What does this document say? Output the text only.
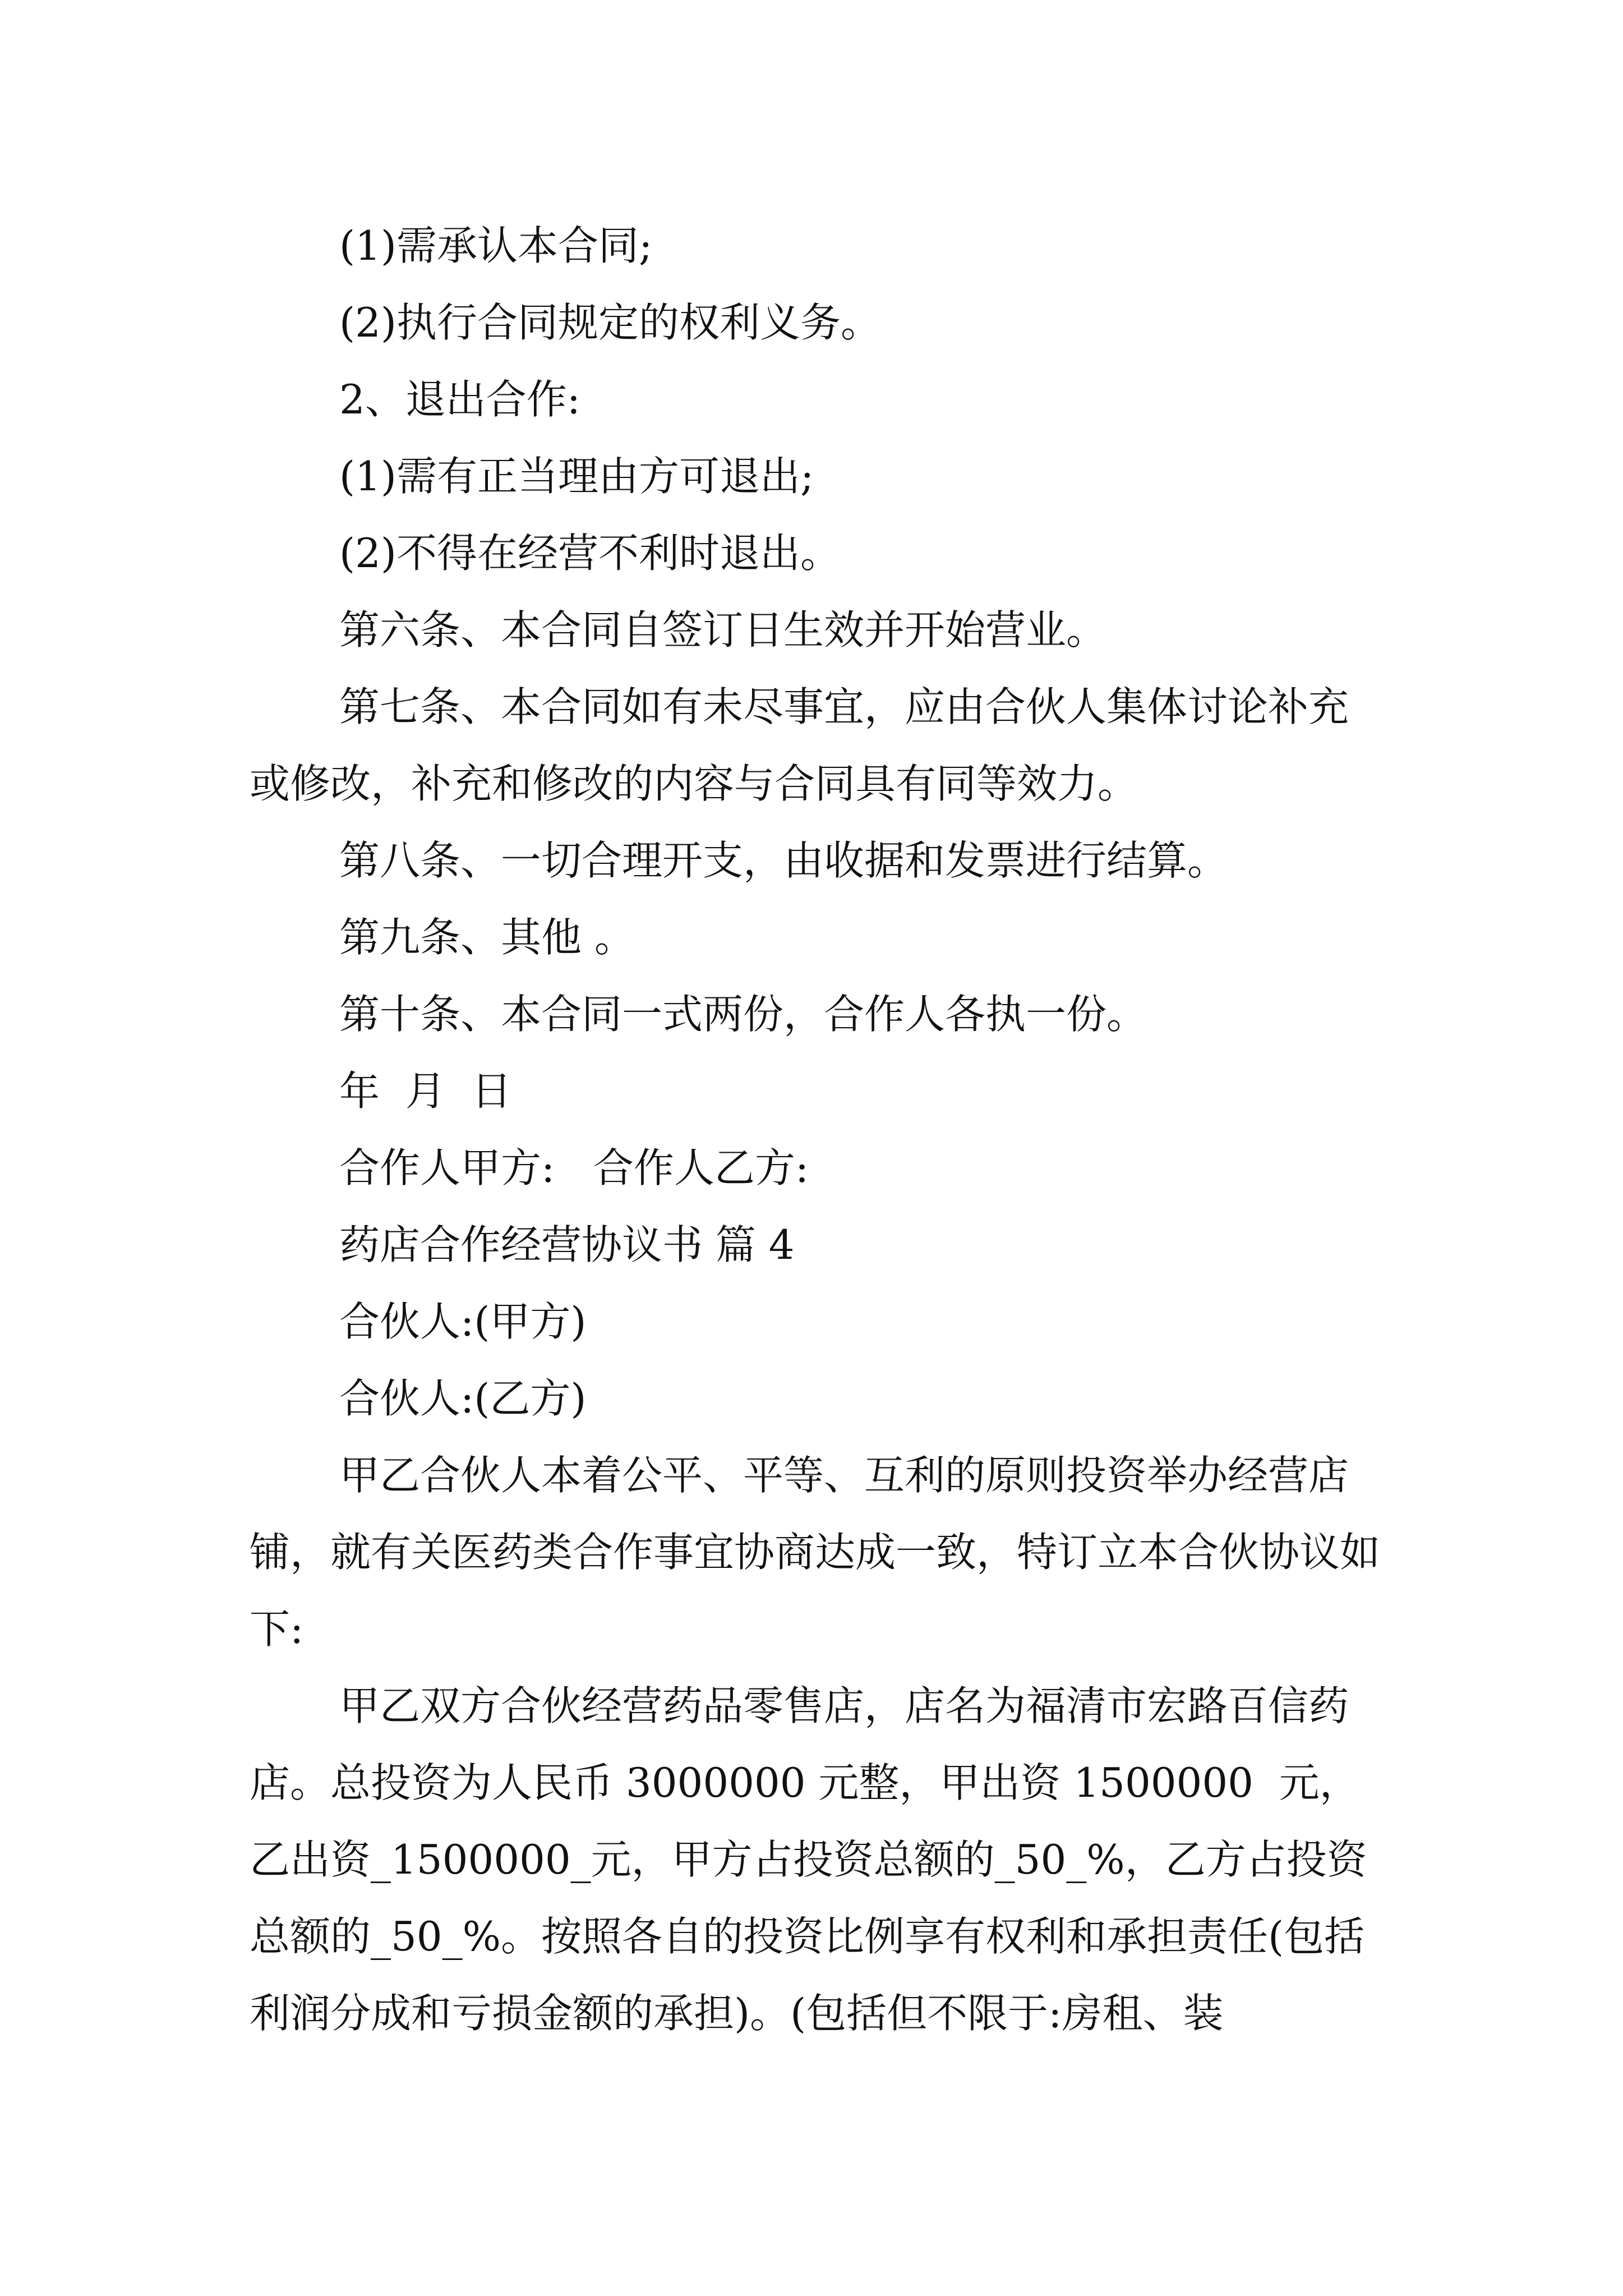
(1)需承认本合同;

(2)执行合同规定的权利义务。

2、退出合作:

(1)需有正当理由方可退出;

(2)不得在经营不利时退出。

第六条、本合同自签订日生效并开始营业。

第七条、本合同如有未尽事宜，应由合伙人集体讨论补充或修改，补充和修改的内容与合同具有同等效力。

第八条、一切合理开支，由收据和发票进行结算。

第九条、其他 。

第十条、本合同一式两份，合作人各执一份。

年  月  日

合作人甲方:   合作人乙方:

药店合作经营协议书 篇 4

合伙人:(甲方)

合伙人:(乙方)

甲乙合伙人本着公平、平等、互利的原则投资举办经营店铺，就有关医药类合作事宜协商达成一致，特订立本合伙协议如下:

甲乙双方合伙经营药品零售店，店名为福清市宏路百信药店。总投资为人民币 3000000 元整，甲出资 1500000  元，乙出资_1500000_元，甲方占投资总额的_50_%，乙方占投资总额的_50_%。按照各自的投资比例享有权利和承担责任(包括利润分成和亏损金额的承担)。(包括但不限于:房租、装
